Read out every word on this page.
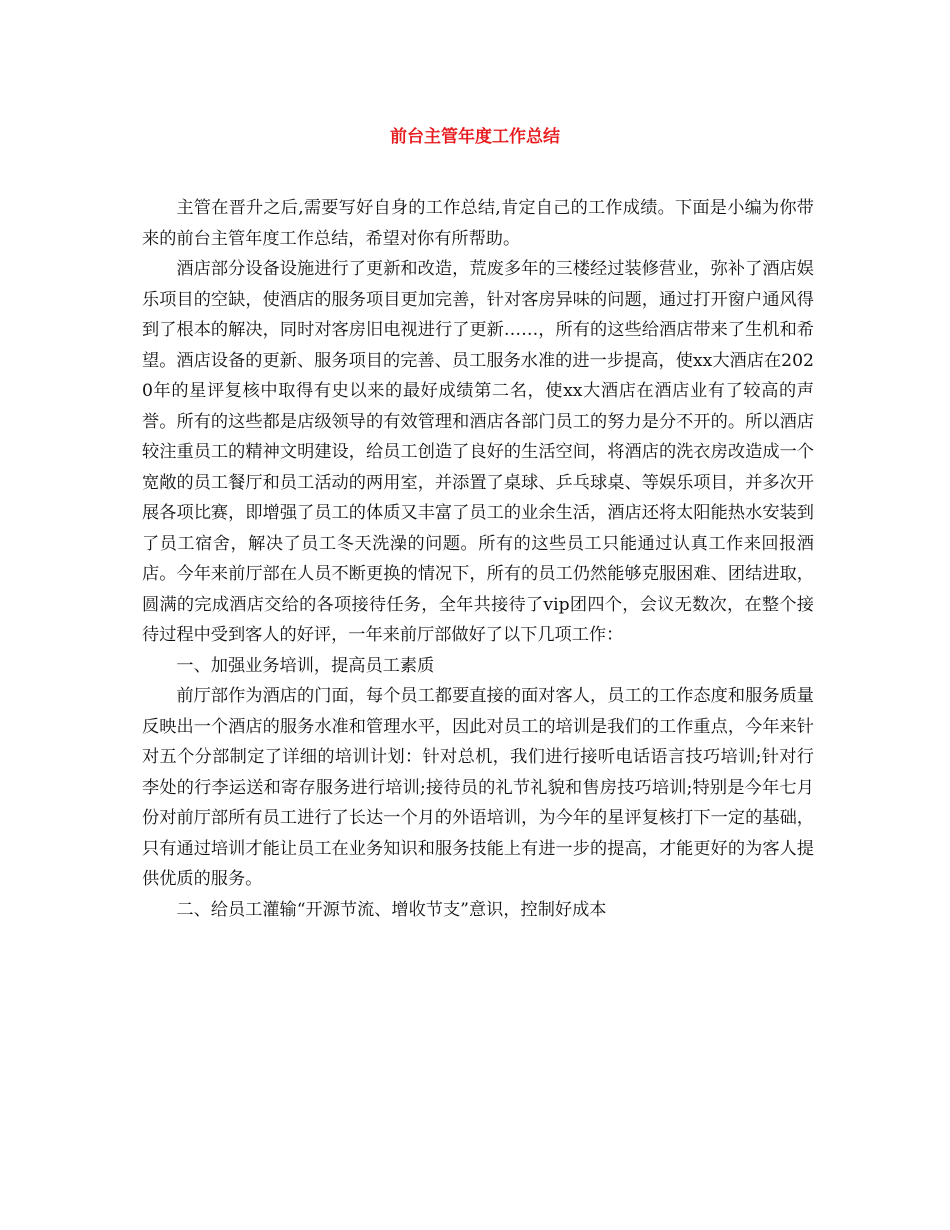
前台主管年度工作总结

主管在晋升之后,需要写好自身的工作总结,肯定自己的工作成绩。下面是小编为你带来的前台主管年度工作总结，希望对你有所帮助。

酒店部分设备设施进行了更新和改造，荒废多年的三楼经过装修营业，弥补了酒店娱乐项目的空缺，使酒店的服务项目更加完善，针对客房异味的问题，通过打开窗户通风得到了根本的解决，同时对客房旧电视进行了更新……，所有的这些给酒店带来了生机和希望。酒店设备的更新、服务项目的完善、员工服务水准的进一步提高，使xx大酒店在2020年的星评复核中取得有史以来的最好成绩第二名，使xx大酒店在酒店业有了较高的声誉。所有的这些都是店级领导的有效管理和酒店各部门员工的努力是分不开的。所以酒店较注重员工的精神文明建设，给员工创造了良好的生活空间，将酒店的洗衣房改造成一个宽敞的员工餐厅和员工活动的两用室，并添置了桌球、乒乓球桌、等娱乐项目，并多次开展各项比赛，即增强了员工的体质又丰富了员工的业余生活，酒店还将太阳能热水安装到了员工宿舍，解决了员工冬天洗澡的问题。所有的这些员工只能通过认真工作来回报酒店。今年来前厅部在人员不断更换的情况下，所有的员工仍然能够克服困难、团结进取，圆满的完成酒店交给的各项接待任务，全年共接待了vip团四个，会议无数次，在整个接待过程中受到客人的好评，一年来前厅部做好了以下几项工作：

一、加强业务培训，提高员工素质

前厅部作为酒店的门面，每个员工都要直接的面对客人，员工的工作态度和服务质量反映出一个酒店的服务水准和管理水平，因此对员工的培训是我们的工作重点，今年来针对五个分部制定了详细的培训计划：针对总机，我们进行接听电话语言技巧培训;针对行李处的行李运送和寄存服务进行培训;接待员的礼节礼貌和售房技巧培训;特别是今年七月份对前厅部所有员工进行了长达一个月的外语培训，为今年的星评复核打下一定的基础，只有通过培训才能让员工在业务知识和服务技能上有进一步的提高，才能更好的为客人提供优质的服务。

二、给员工灌输“开源节流、增收节支”意识，控制好成本
